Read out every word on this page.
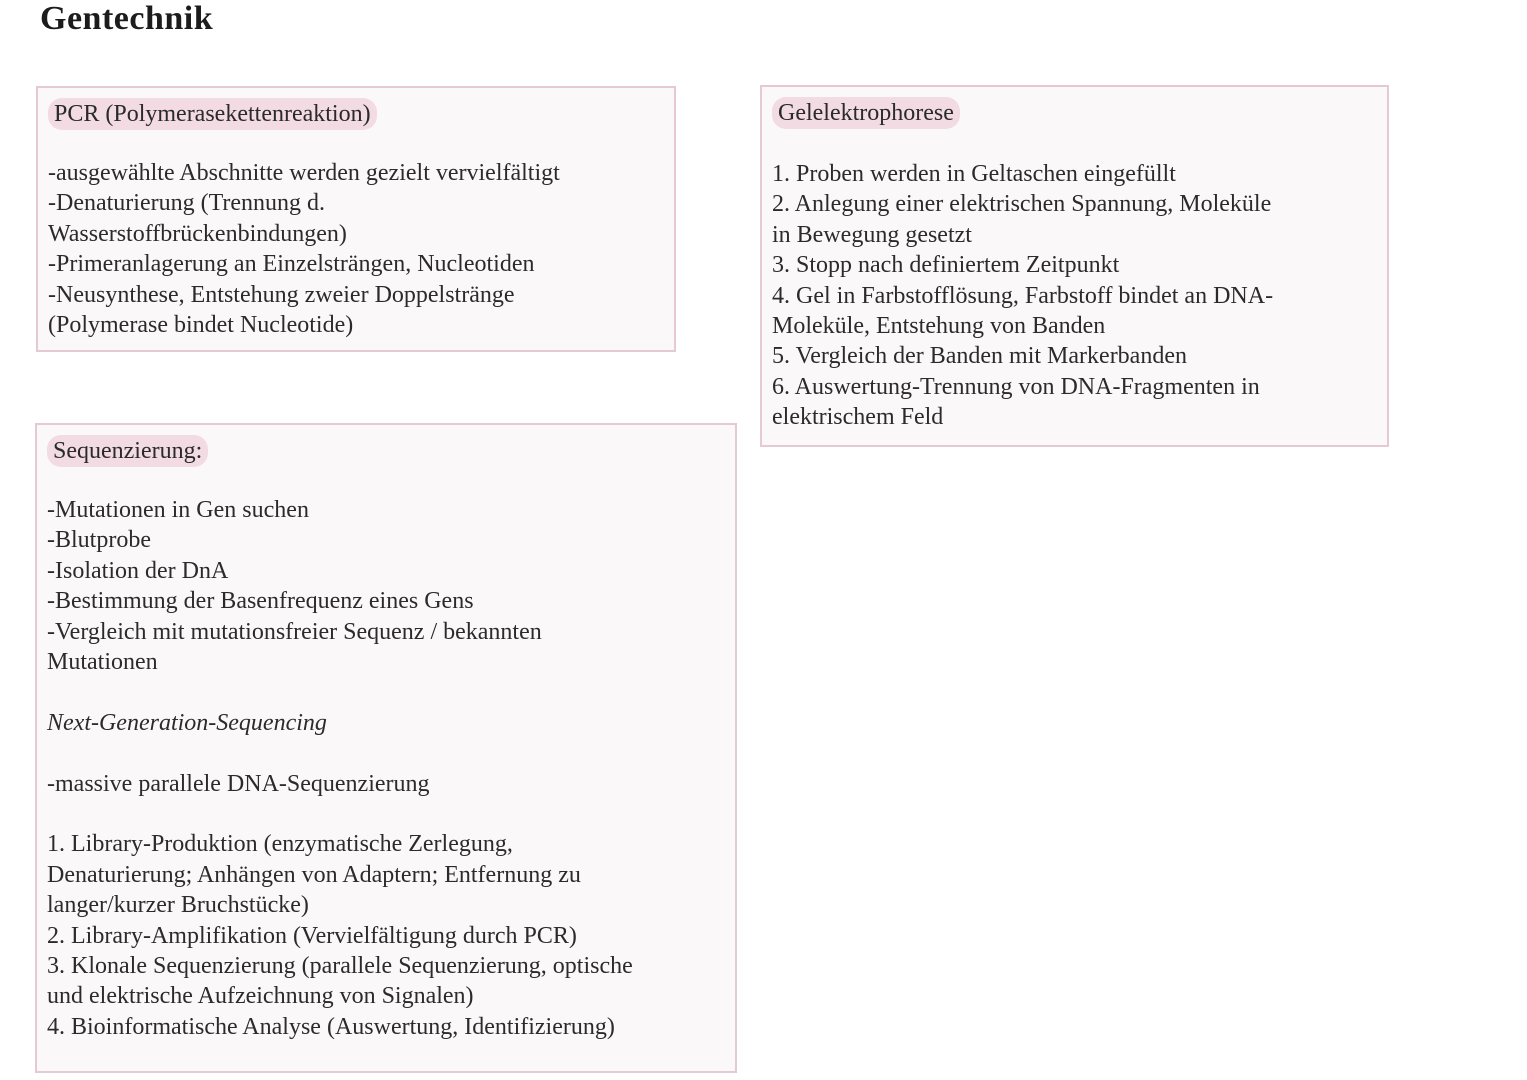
Gentechnik
PCR (Polymerasekettenreaktion)
-ausgewählte Abschnitte werden gezielt vervielfältigt
-Denaturierung (Trennung d.
Wasserstoffbrückenbindungen)
-Primeranlagerung an Einzelsträngen, Nucleotiden
-Neusynthese, Entstehung zweier Doppelstränge
(Polymerase bindet Nucleotide)
Gelelektrophorese
1. Proben werden in Geltaschen eingefüllt
2. Anlegung einer elektrischen Spannung, Moleküle
in Bewegung gesetzt
3. Stopp nach definiertem Zeitpunkt
4. Gel in Farbstofflösung, Farbstoff bindet an DNA-
Moleküle, Entstehung von Banden
5. Vergleich der Banden mit Markerbanden
6. Auswertung-Trennung von DNA-Fragmenten in
elektrischem Feld
Sequenzierung:
-Mutationen in Gen suchen
-Blutprobe
-Isolation der DnA
-Bestimmung der Basenfrequenz eines Gens
-Vergleich mit mutationsfreier Sequenz / bekannten
Mutationen
Next-Generation-Sequencing
-massive parallele DNA-Sequenzierung
1. Library-Produktion (enzymatische Zerlegung,
Denaturierung; Anhängen von Adaptern; Entfernung zu
langer/kurzer Bruchstücke)
2. Library-Amplifikation (Vervielfältigung durch PCR)
3. Klonale Sequenzierung (parallele Sequenzierung, optische
und elektrische Aufzeichnung von Signalen)
4. Bioinformatische Analyse (Auswertung, Identifizierung)
